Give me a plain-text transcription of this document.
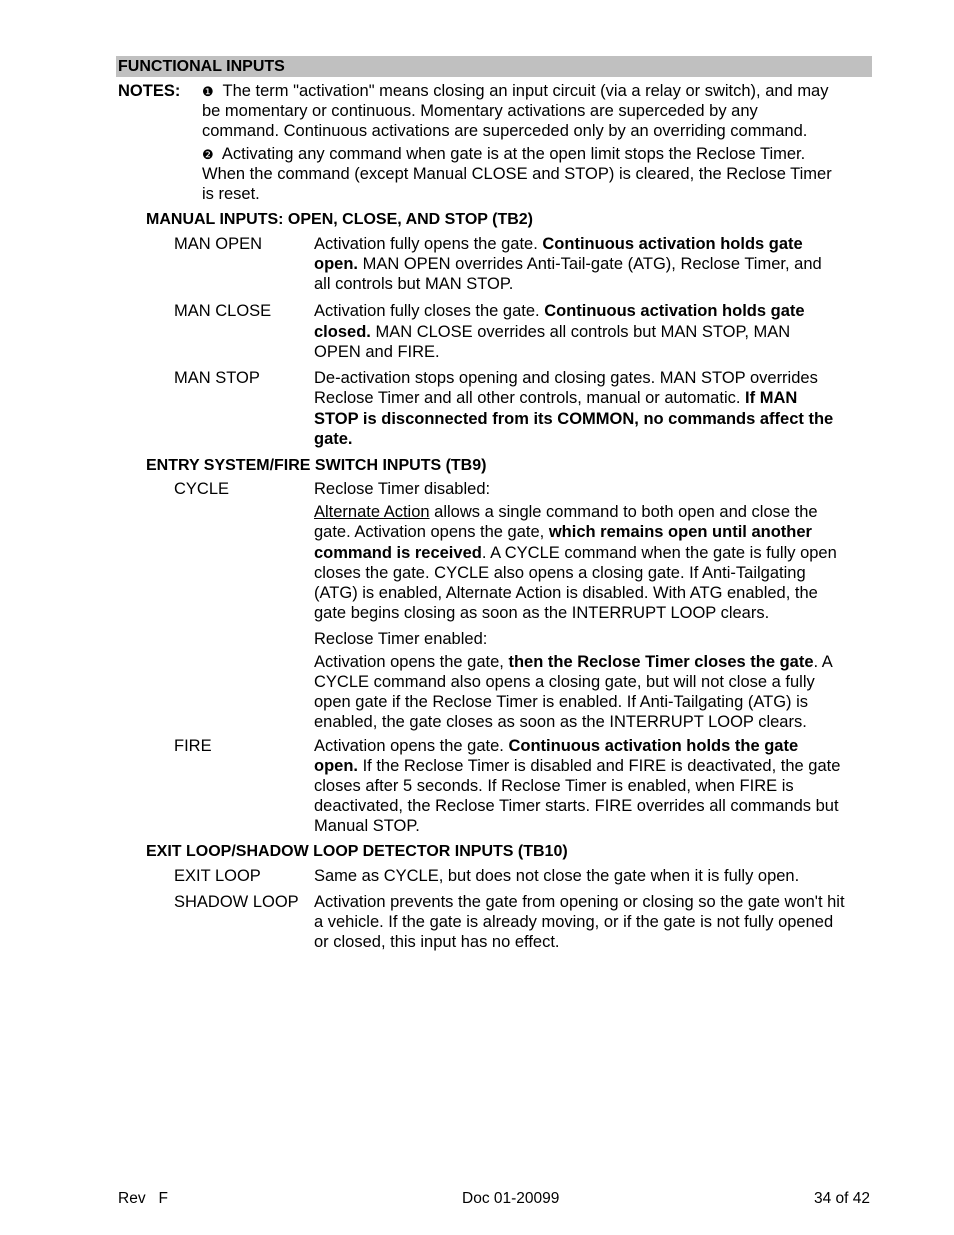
FUNCTIONAL INPUTS
NOTES: ❶ The term "activation" means closing an input circuit (via a relay or switch), and may
be momentary or continuous. Momentary activations are superceded by any
command. Continuous activations are superceded only by an overriding command.
❷ Activating any command when gate is at the open limit stops the Reclose Timer.
When the command (except Manual CLOSE and STOP) is cleared, the Reclose Timer
is reset.
MANUAL INPUTS: OPEN, CLOSE, AND STOP (TB2)
MAN OPEN	Activation fully opens the gate. Continuous activation holds gate
open. MAN OPEN overrides Anti-Tail-gate (ATG), Reclose Timer, and
all controls but MAN STOP.
MAN CLOSE	Activation fully closes the gate. Continuous activation holds gate
closed. MAN CLOSE overrides all controls but MAN STOP, MAN
OPEN and FIRE.
MAN STOP	De-activation stops opening and closing gates. MAN STOP overrides
Reclose Timer and all other controls, manual or automatic. If MAN
STOP is disconnected from its COMMON, no commands affect the
gate.
ENTRY SYSTEM/FIRE SWITCH INPUTS (TB9)
CYCLE	Reclose Timer disabled:
Alternate Action allows a single command to both open and close the
gate. Activation opens the gate, which remains open until another
command is received. A CYCLE command when the gate is fully open
closes the gate. CYCLE also opens a closing gate. If Anti-Tailgating
(ATG) is enabled, Alternate Action is disabled. With ATG enabled, the
gate begins closing as soon as the INTERRUPT LOOP clears.
Reclose Timer enabled:
Activation opens the gate, then the Reclose Timer closes the gate. A
CYCLE command also opens a closing gate, but will not close a fully
open gate if the Reclose Timer is enabled. If Anti-Tailgating (ATG) is
enabled, the gate closes as soon as the INTERRUPT LOOP clears.
FIRE	Activation opens the gate. Continuous activation holds the gate
open. If the Reclose Timer is disabled and FIRE is deactivated, the gate
closes after 5 seconds. If Reclose Timer is enabled, when FIRE is
deactivated, the Reclose Timer starts. FIRE overrides all commands but
Manual STOP.
EXIT LOOP/SHADOW LOOP DETECTOR INPUTS (TB10)
EXIT LOOP	Same as CYCLE, but does not close the gate when it is fully open.
SHADOW LOOP Activation prevents the gate from opening or closing so the gate won't hit
a vehicle. If the gate is already moving, or if the gate is not fully opened
or closed, this input has no effect.
Rev   F	Doc 01-20099	34 of 42
